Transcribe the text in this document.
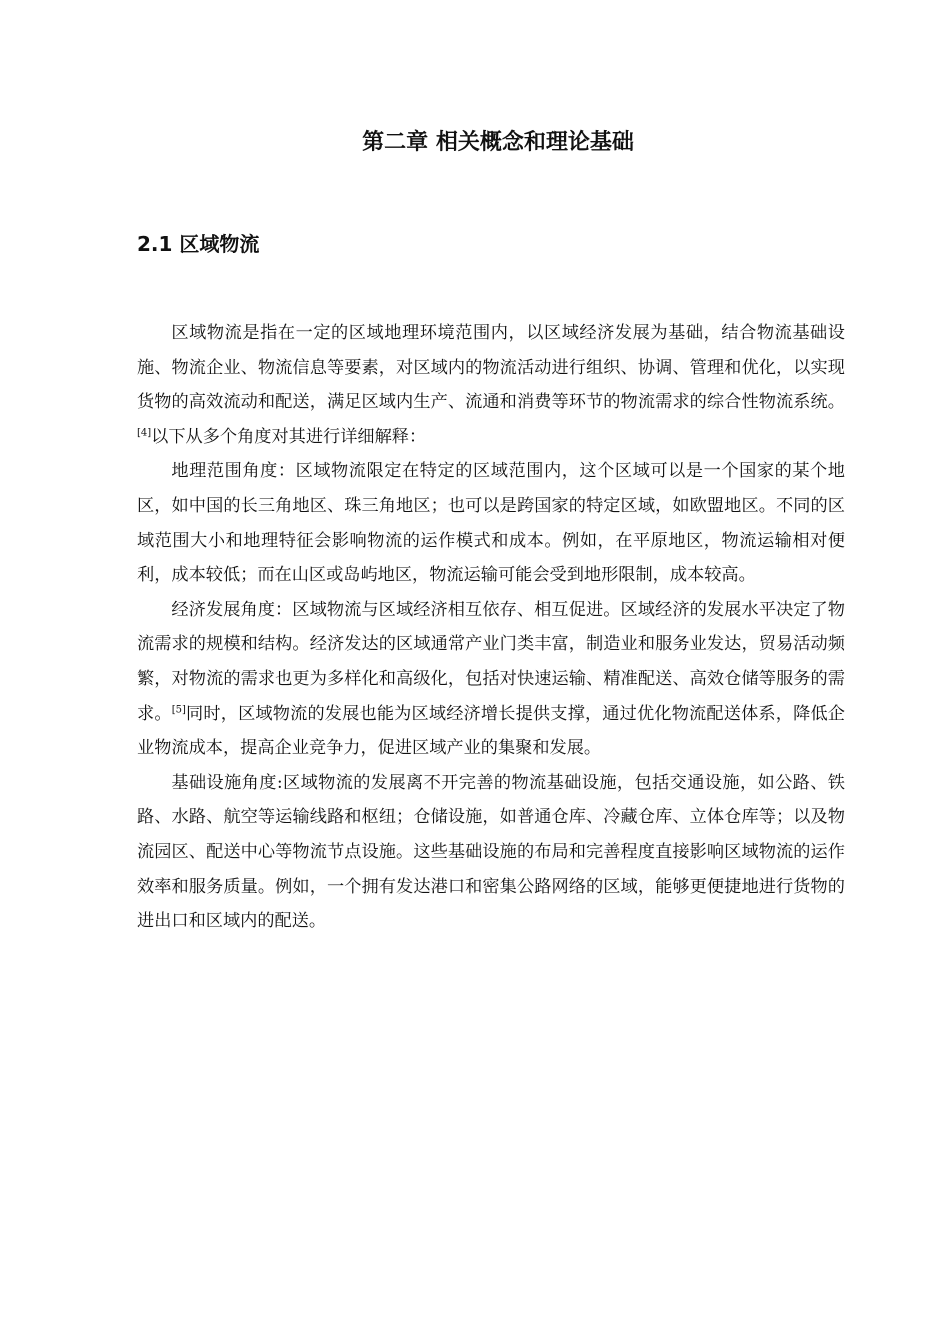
第二章 相关概念和理论基础
2.1 区域物流

区域物流是指在一定的区域地理环境范围内，以区域经济发展为基础，结合物流基础设施、物流企业、物流信息等要素，对区域内的物流活动进行组织、协调、管理和优化，以实现货物的高效流动和配送，满足区域内生产、流通和消费等环节的物流需求的综合性物流系统。[4]以下从多个角度对其进行详细解释：

地理范围角度：区域物流限定在特定的区域范围内，这个区域可以是一个国家的某个地区，如中国的长三角地区、珠三角地区；也可以是跨国家的特定区域，如欧盟地区。不同的区域范围大小和地理特征会影响物流的运作模式和成本。例如，在平原地区，物流运输相对便利，成本较低；而在山区或岛屿地区，物流运输可能会受到地形限制，成本较高。

经济发展角度：区域物流与区域经济相互依存、相互促进。区域经济的发展水平决定了物流需求的规模和结构。经济发达的区域通常产业门类丰富，制造业和服务业发达，贸易活动频繁，对物流的需求也更为多样化和高级化，包括对快速运输、精准配送、高效仓储等服务的需求。[5]同时，区域物流的发展也能为区域经济增长提供支撑，通过优化物流配送体系，降低企业物流成本，提高企业竞争力，促进区域产业的集聚和发展。

基础设施角度:区域物流的发展离不开完善的物流基础设施，包括交通设施，如公路、铁路、水路、航空等运输线路和枢纽；仓储设施，如普通仓库、冷藏仓库、立体仓库等；以及物流园区、配送中心等物流节点设施。这些基础设施的布局和完善程度直接影响区域物流的运作效率和服务质量。例如，一个拥有发达港口和密集公路网络的区域，能够更便捷地进行货物的进出口和区域内的配送。
